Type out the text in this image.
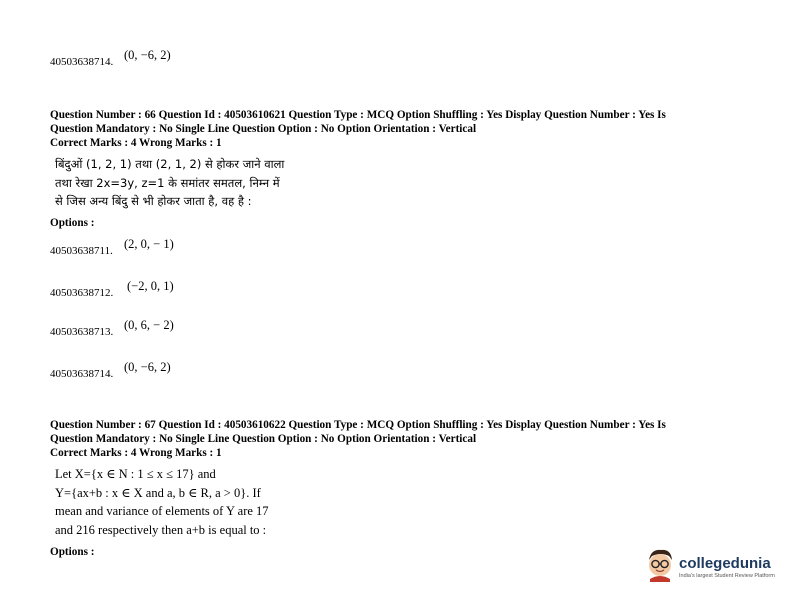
40503638714. (0, −6, 2)
Question Number : 66 Question Id : 40503610621 Question Type : MCQ Option Shuffling : Yes Display Question Number : Yes Is
Question Mandatory : No Single Line Question Option : No Option Orientation : Vertical
Correct Marks : 4 Wrong Marks : 1
बिंदुओं (1, 2, 1) तथा (2, 1, 2) से होकर जाने वाला
तथा रेखा 2x=3y, z=1 के समांतर समतल, निम्न में
से जिस अन्य बिंदु से भी होकर जाता है, वह है :
Options :
40503638711. (2, 0, − 1)
40503638712. (−2, 0, 1)
40503638713. (0, 6, − 2)
40503638714. (0, −6, 2)
Question Number : 67 Question Id : 40503610622 Question Type : MCQ Option Shuffling : Yes Display Question Number : Yes Is
Question Mandatory : No Single Line Question Option : No Option Orientation : Vertical
Correct Marks : 4 Wrong Marks : 1
Let X={x ∈ N : 1 ≤ x ≤ 17} and
Y={ax+b : x ∈ X and a, b ∈ R, a > 0}. If
mean and variance of elements of Y are 17
and 216 respectively then a+b is equal to :
Options :
collegedunia
India's largest Student Review Platform
